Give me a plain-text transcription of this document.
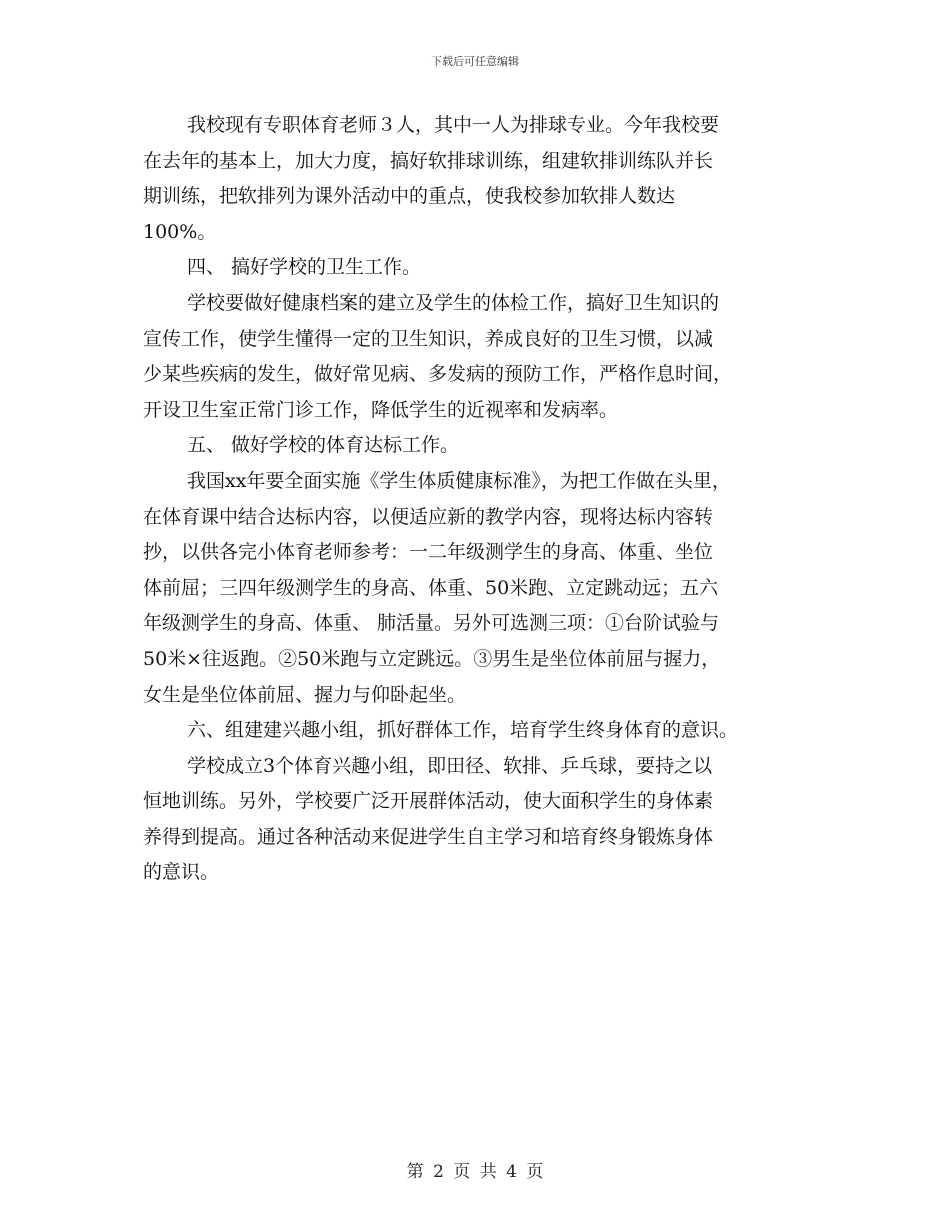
下载后可任意编辑
我校现有专职体育老师３人，其中一人为排球专业。今年我校要
在去年的基本上，加大力度，搞好软排球训练，组建软排训练队并长
期训练，把软排列为课外活动中的重点，使我校参加软排人数达
100%。
四、 搞好学校的卫生工作。
学校要做好健康档案的建立及学生的体检工作，搞好卫生知识的
宣传工作，使学生懂得一定的卫生知识，养成良好的卫生习惯，以减
少某些疾病的发生，做好常见病、多发病的预防工作，严格作息时间，
开设卫生室正常门诊工作，降低学生的近视率和发病率。
五、 做好学校的体育达标工作。
我国xx年要全面实施《学生体质健康标准》，为把工作做在头里，
在体育课中结合达标内容，以便适应新的教学内容，现将达标内容转
抄，以供各完小体育老师参考：一二年级测学生的身高、体重、坐位
体前屈；三四年级测学生的身高、体重、50米跑、立定跳动远；五六
年级测学生的身高、体重、 肺活量。另外可选测三项：①台阶试验与
50米×往返跑。②50米跑与立定跳远。③男生是坐位体前屈与握力，
女生是坐位体前屈、握力与仰卧起坐。
六、组建建兴趣小组，抓好群体工作，培育学生终身体育的意识。
学校成立3个体育兴趣小组，即田径、软排、乒乓球，要持之以
恒地训练。另外，学校要广泛开展群体活动，使大面积学生的身体素
养得到提高。通过各种活动来促进学生自主学习和培育终身锻炼身体
的意识。
第 2 页 共 4 页
